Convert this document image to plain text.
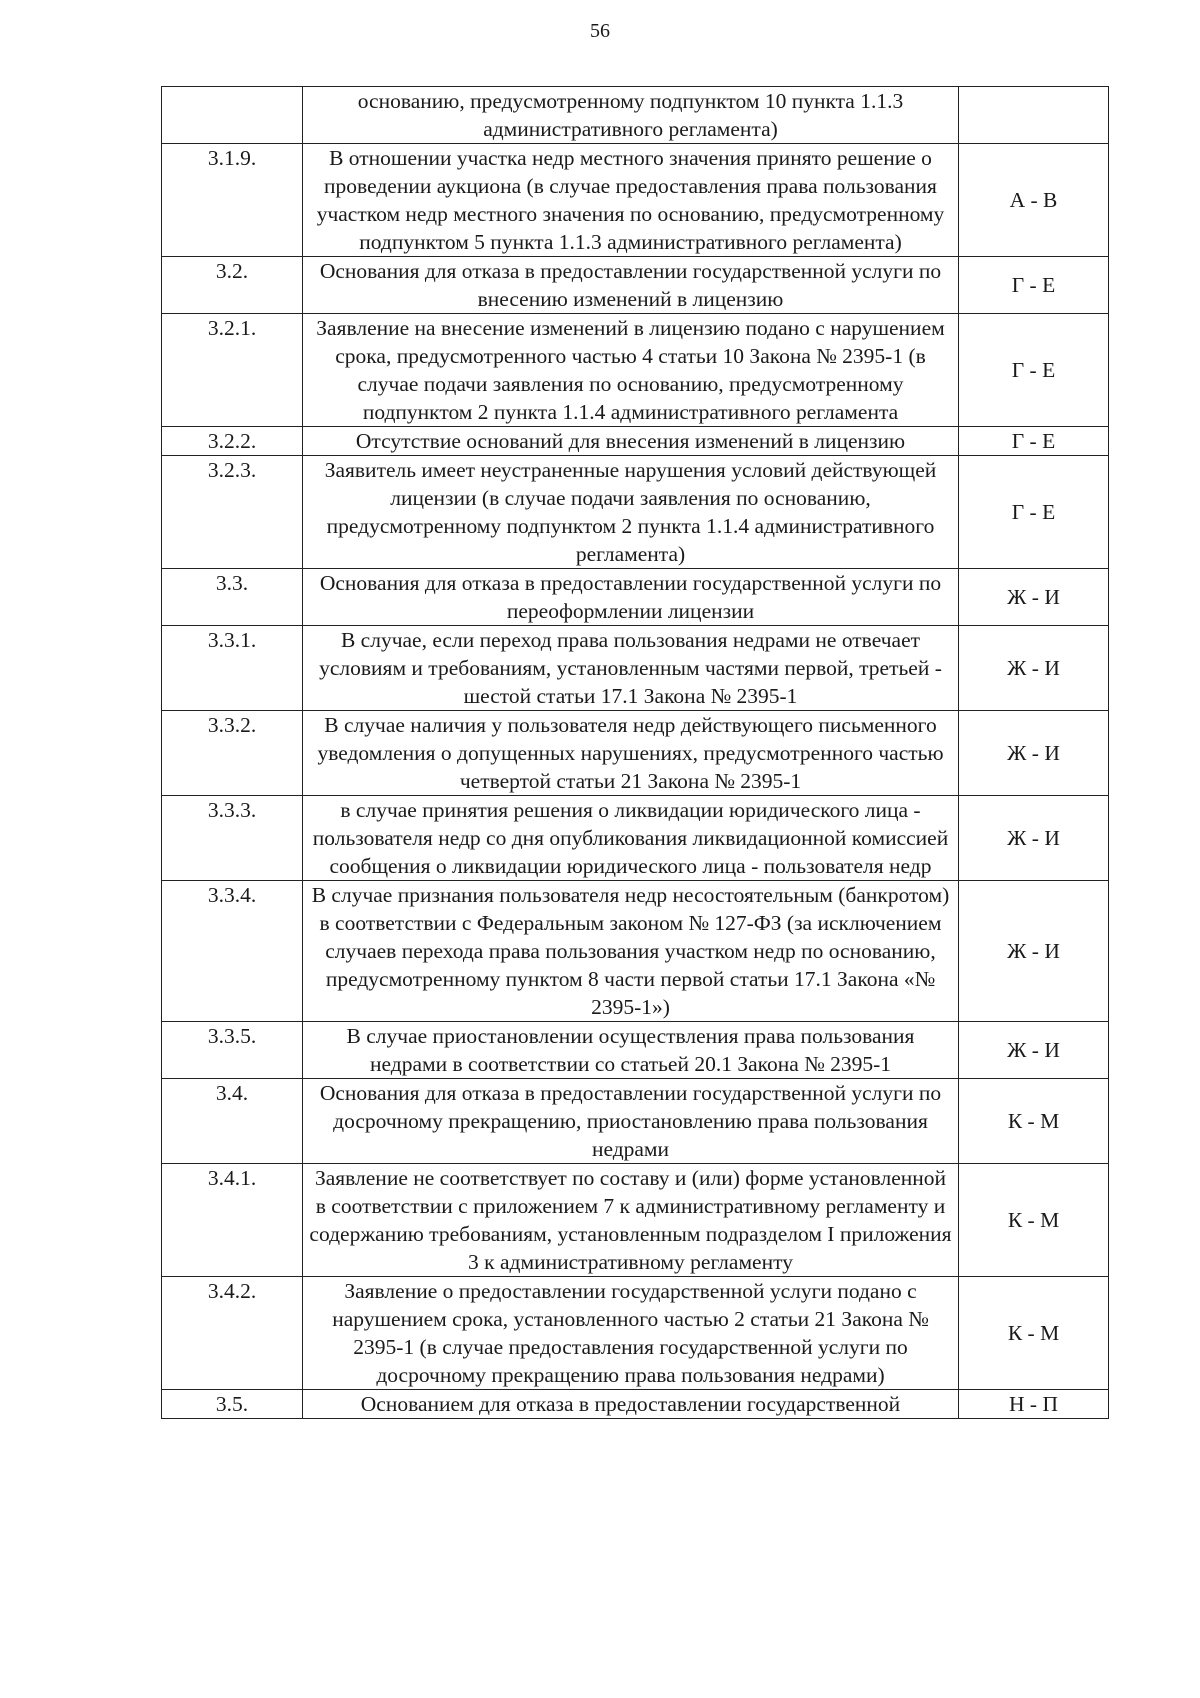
56
	основанию, предусмотренному подпунктом 10 пункта 1.1.3 административного регламента)	
3.1.9.	В отношении участка недр местного значения принято решение о проведении аукциона (в случае предоставления права пользования участком недр местного значения по основанию, предусмотренному подпунктом 5 пункта 1.1.3 административного регламента)	А - В
3.2.	Основания для отказа в предоставлении государственной услуги по внесению изменений в лицензию	Г - Е
3.2.1.	Заявление на внесение изменений в лицензию подано с нарушением срока, предусмотренного частью 4 статьи 10 Закона № 2395-1 (в случае подачи заявления по основанию, предусмотренному подпунктом 2 пункта 1.1.4 административного регламента	Г - Е
3.2.2.	Отсутствие оснований для внесения изменений в лицензию	Г - Е
3.2.3.	Заявитель имеет неустраненные нарушения условий действующей лицензии (в случае подачи заявления по основанию, предусмотренному подпунктом 2 пункта 1.1.4 административного регламента)	Г - Е
3.3.	Основания для отказа в предоставлении государственной услуги по переоформлении лицензии	Ж - И
3.3.1.	В случае, если переход права пользования недрами не отвечает условиям и требованиям, установленным частями первой, третьей - шестой статьи 17.1 Закона № 2395-1	Ж - И
3.3.2.	В случае наличия у пользователя недр действующего письменного уведомления о допущенных нарушениях, предусмотренного частью четвертой статьи 21 Закона № 2395-1	Ж - И
3.3.3.	в случае принятия решения о ликвидации юридического лица - пользователя недр со дня опубликования ликвидационной комиссией сообщения о ликвидации юридического лица - пользователя недр	Ж - И
3.3.4.	В случае признания пользователя недр несостоятельным (банкротом) в соответствии с Федеральным законом № 127-ФЗ (за исключением случаев перехода права пользования участком недр по основанию, предусмотренному пунктом 8 части первой статьи 17.1 Закона «№ 2395-1»)	Ж - И
3.3.5.	В случае приостановлении осуществления права пользования недрами в соответствии со статьей 20.1 Закона № 2395-1	Ж - И
3.4.	Основания для отказа в предоставлении государственной услуги по досрочному прекращению, приостановлению права пользования недрами	К - М
3.4.1.	Заявление не соответствует по составу и (или) форме установленной в соответствии с приложением 7 к административному регламенту и содержанию требованиям, установленным подразделом I приложения 3 к административному регламенту	К - М
3.4.2.	Заявление о предоставлении государственной услуги подано с нарушением срока, установленного частью 2 статьи 21 Закона № 2395-1 (в случае предоставления государственной услуги по досрочному прекращению права пользования недрами)	К - М
3.5.	Основанием для отказа в предоставлении государственной	Н - П
